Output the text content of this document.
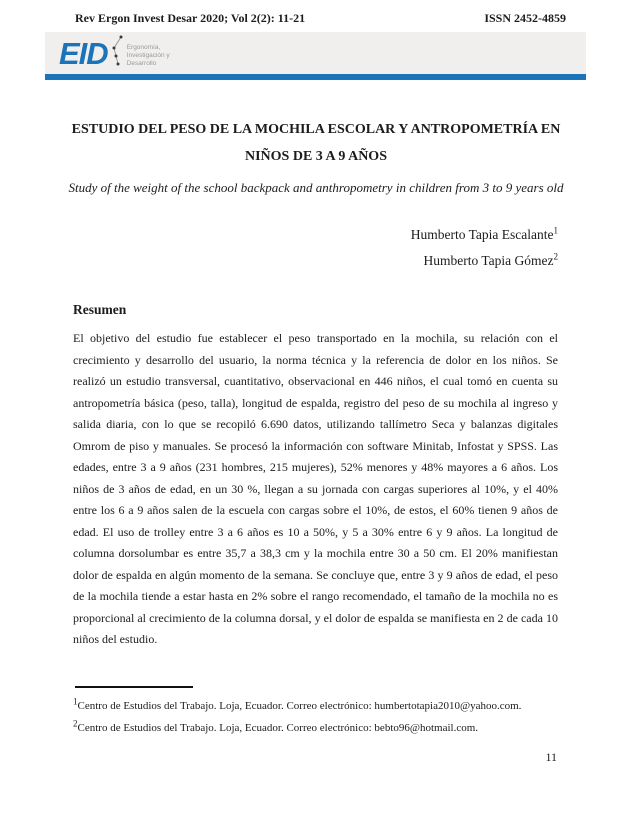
Rev Ergon Invest Desar 2020; Vol 2(2): 11-21	ISSN 2452-4859
EID	Ergonomía,
Investigación y
Desarrollo
ESTUDIO DEL PESO DE LA MOCHILA ESCOLAR Y ANTROPOMETRÍA EN NIÑOS DE 3 A 9 AÑOS

Study of the weight of the school backpack and anthropometry in children from 3 to 9 years old

Humberto Tapia Escalante$^1$

Humberto Tapia Gómez$^2$

Resumen

El objetivo del estudio fue establecer el peso transportado en la mochila, su relación con el crecimiento y desarrollo del usuario, la norma técnica y la referencia de dolor en los niños. Se realizó un estudio transversal, cuantitativo, observacional en 446 niños, el cual tomó en cuenta su antropometría básica (peso, talla), longitud de espalda, registro del peso de su mochila al ingreso y salida diaria, con lo que se recopiló 6.690 datos, utilizando tallímetro Seca y balanzas digitales Omrom de piso y manuales. Se procesó la información con software Minitab, Infostat y SPSS. Las edades, entre 3 a 9 años (231 hombres, 215 mujeres), 52% menores y 48% mayores a 6 años. Los niños de 3 años de edad, en un 30 %, llegan a su jornada con cargas superiores al 10%, y el 40% entre los 6 a 9 años salen de la escuela con cargas sobre el 10%, de estos, el 60% tienen 9 años de edad. El uso de trolley entre 3 a 6 años es 10 a 50%, y 5 a 30% entre 6 y 9 años. La longitud de columna dorsolumbar es entre 35,7 a 38,3 cm y la mochila entre 30 a 50 cm. El 20% manifiestan dolor de espalda en algún momento de la semana. Se concluye que, entre 3 y 9 años de edad, el peso de la mochila tiende a estar hasta en 2% sobre el rango recomendado, el tamaño de la mochila no es proporcional al crecimiento de la columna dorsal, y el dolor de espalda se manifiesta en 2 de cada 10 niños del estudio.

$^1$Centro de Estudios del Trabajo. Loja, Ecuador. Correo electrónico: humbertotapia2010@yahoo.com.

$^2$Centro de Estudios del Trabajo. Loja, Ecuador. Correo electrónico: bebto96@hotmail.com.

11
